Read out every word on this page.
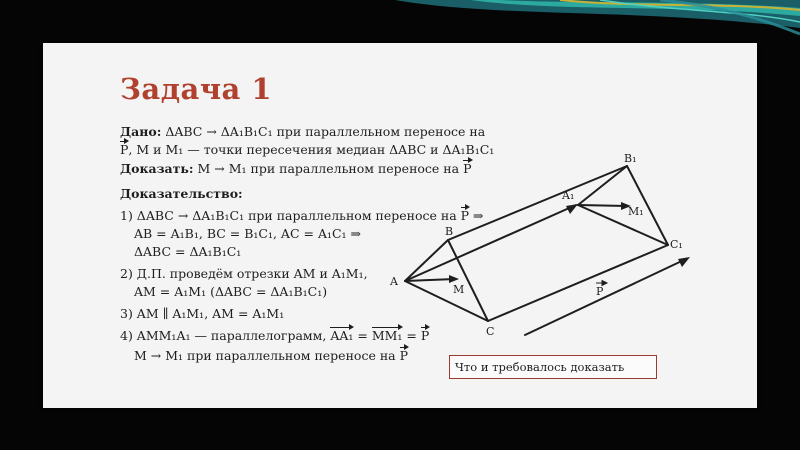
Задача 1
Дано: ΔABC → ΔA₁B₁C₁ при параллельном переносе на
P, M и M₁ — точки пересечения медиан ΔABC и ΔA₁B₁C₁
Доказать: M → M₁ при параллельном переносе на P
Доказательство:
1) ΔABC → ΔA₁B₁C₁ при параллельном переносе на P ⇒
AB = A₁B₁, BC = B₁C₁, AC = A₁C₁ ⇒
ΔABC = ΔA₁B₁C₁
2) Д.П. проведём отрезки AM и A₁M₁,
AM = A₁M₁ (ΔABC = ΔA₁B₁C₁)
3) AM ∥ A₁M₁, AM = A₁M₁
4) AMM₁A₁ — параллелограмм, AA₁ = MM₁ = P
M → M₁ при параллельном переносе на P
Что и требовалось доказать
A
B
C
M
A₁
B₁
C₁
M₁
P
